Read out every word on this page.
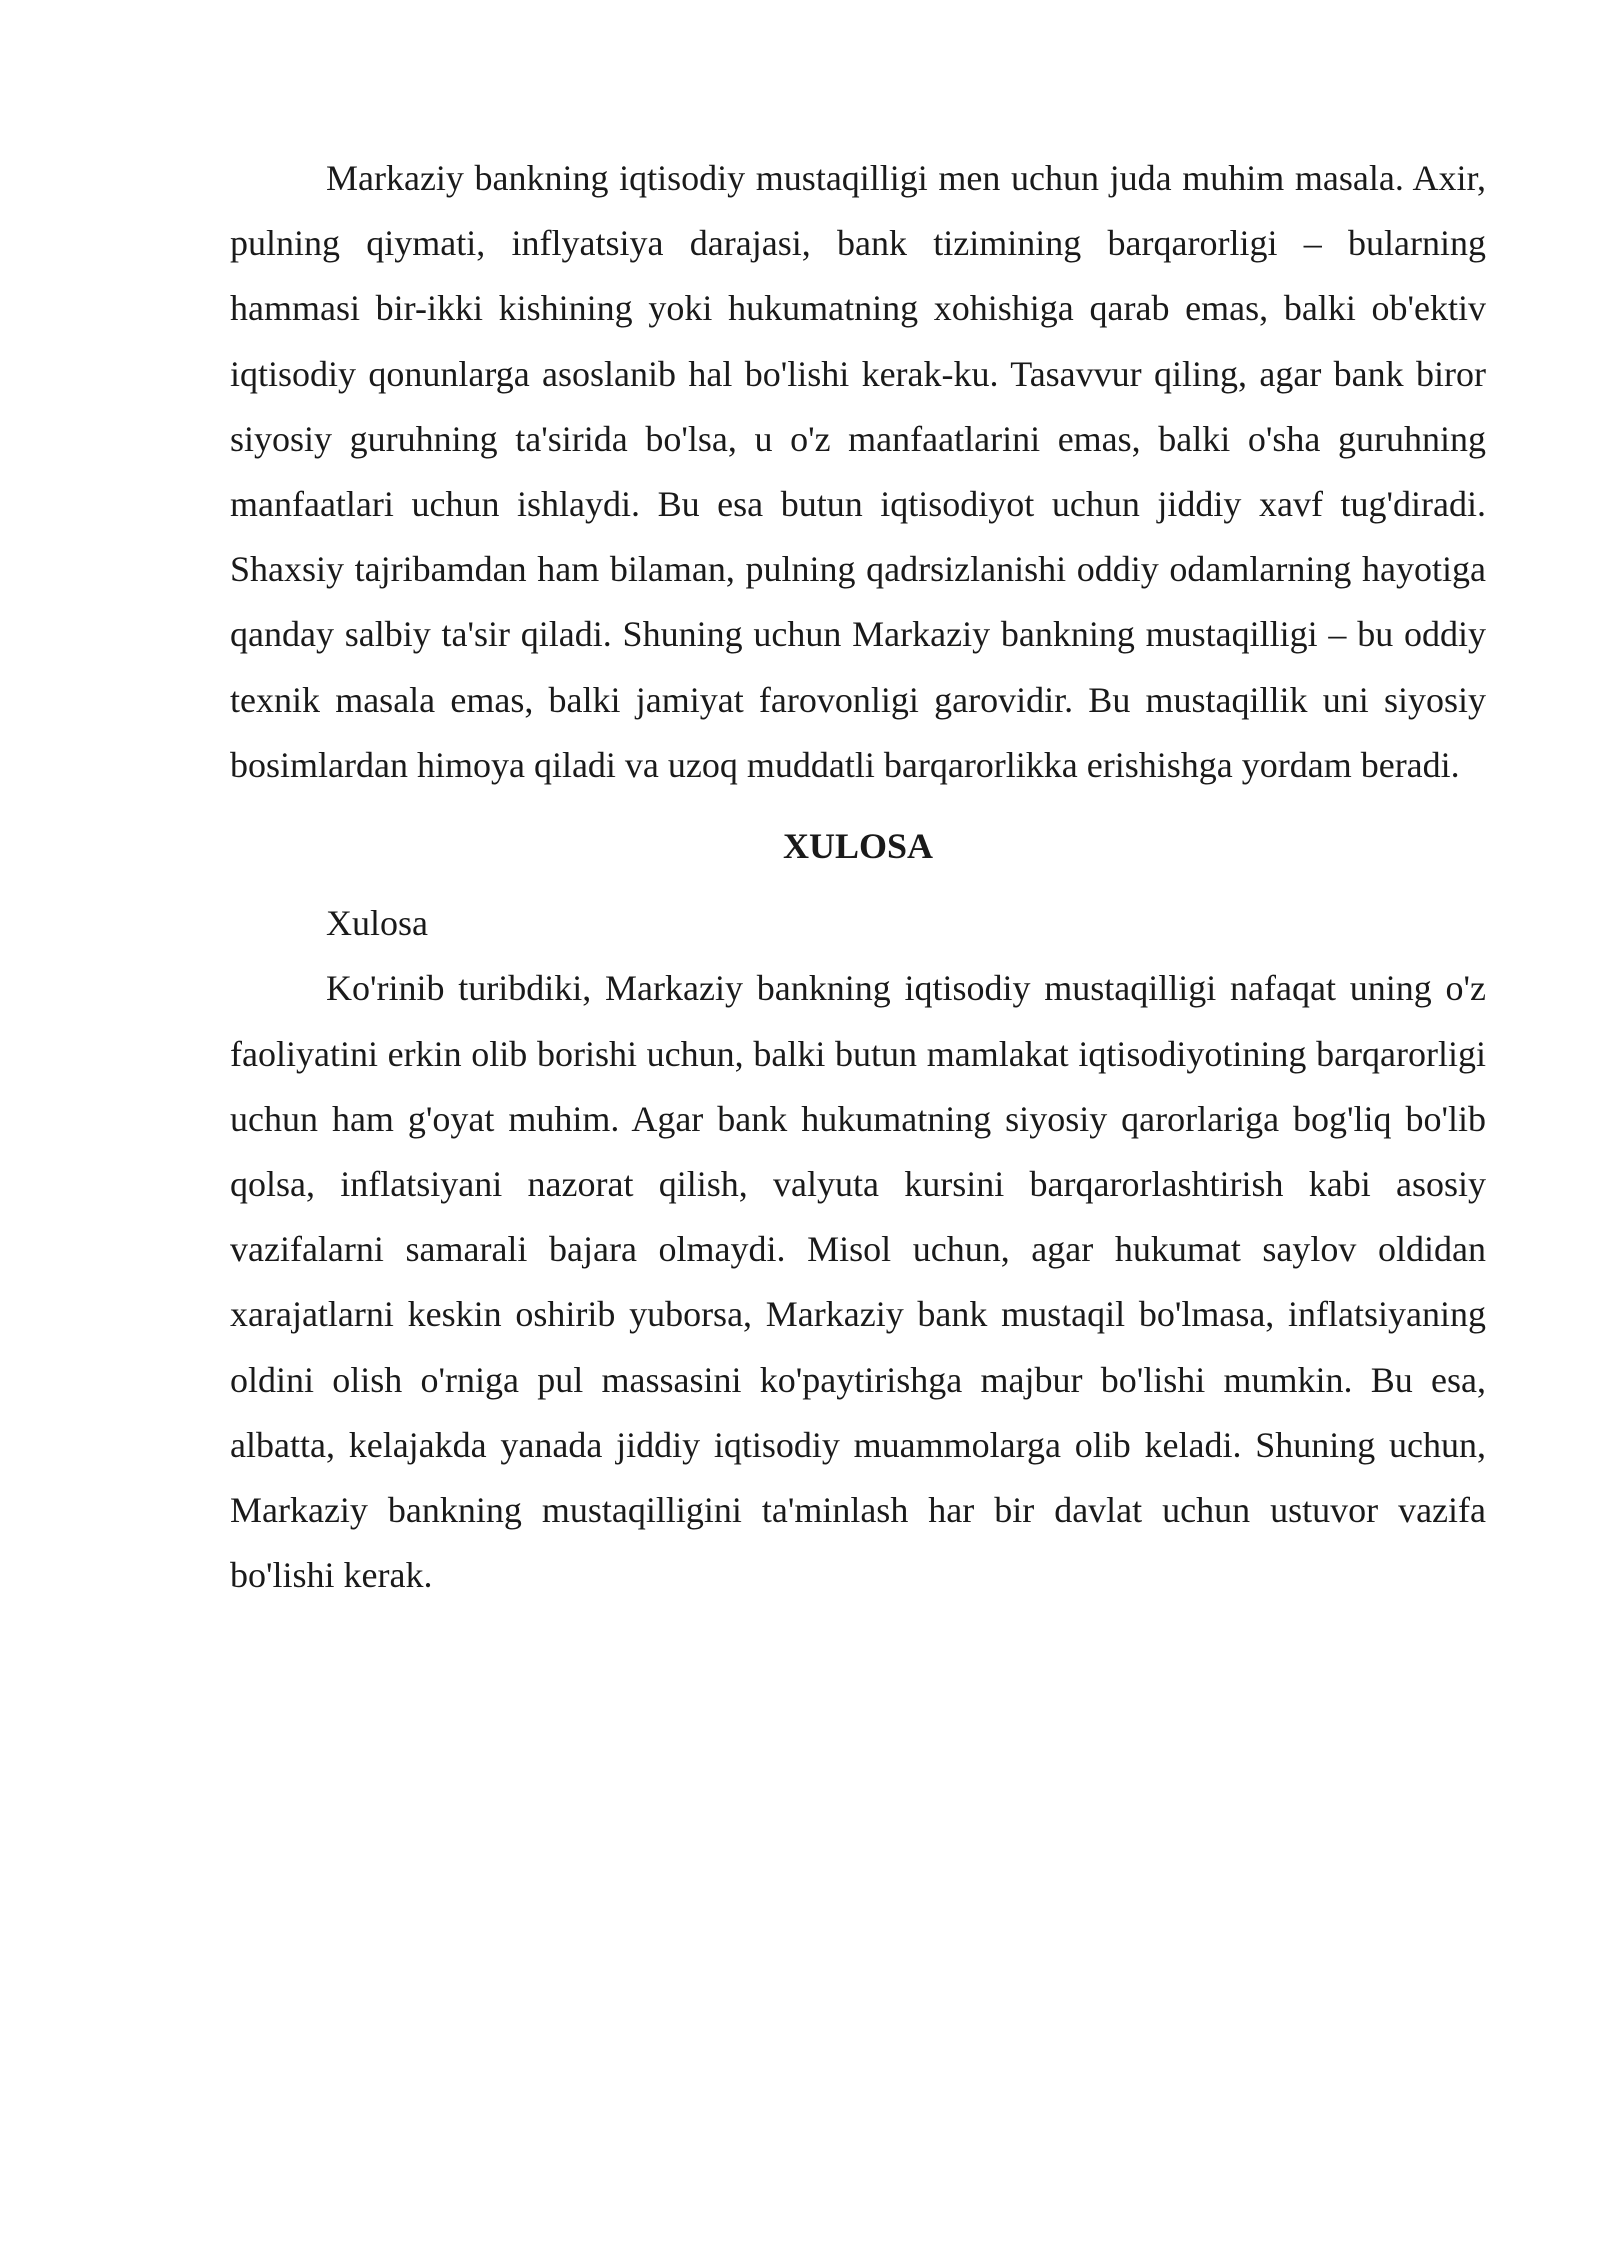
Markaziy bankning iqtisodiy mustaqilligi men uchun juda muhim masala. Axir, pulning qiymati, inflyatsiya darajasi, bank tizimining barqarorligi – bularning hammasi bir-ikki kishining yoki hukumatning xohishiga qarab emas, balki ob'ektiv iqtisodiy qonunlarga asoslanib hal bo'lishi kerak-ku. Tasavvur qiling, agar bank biror siyosiy guruhning ta'sirida bo'lsa, u o'z manfaatlarini emas, balki o'sha guruhning manfaatlari uchun ishlaydi. Bu esa butun iqtisodiyot uchun jiddiy xavf tug'diradi. Shaxsiy tajribamdan ham bilaman, pulning qadrsizlanishi oddiy odamlarning hayotiga qanday salbiy ta'sir qiladi. Shuning uchun Markaziy bankning mustaqilligi – bu oddiy texnik masala emas, balki jamiyat farovonligi garovidir. Bu mustaqillik uni siyosiy bosimlardan himoya qiladi va uzoq muddatli barqarorlikka erishishga yordam beradi.

XULOSA

Xulosa

Ko'rinib turibdiki, Markaziy bankning iqtisodiy mustaqilligi nafaqat uning o'z faoliyatini erkin olib borishi uchun, balki butun mamlakat iqtisodiyotining barqarorligi uchun ham g'oyat muhim. Agar bank hukumatning siyosiy qarorlariga bog'liq bo'lib qolsa, inflatsiyani nazorat qilish, valyuta kursini barqarorlashtirish kabi asosiy vazifalarni samarali bajara olmaydi. Misol uchun, agar hukumat saylov oldidan xarajatlarni keskin oshirib yuborsa, Markaziy bank mustaqil bo'lmasa, inflatsiyaning oldini olish o'rniga pul massasini ko'paytirishga majbur bo'lishi mumkin. Bu esa, albatta, kelajakda yanada jiddiy iqtisodiy muammolarga olib keladi. Shuning uchun, Markaziy bankning mustaqilligini ta'minlash har bir davlat uchun ustuvor vazifa bo'lishi kerak.
